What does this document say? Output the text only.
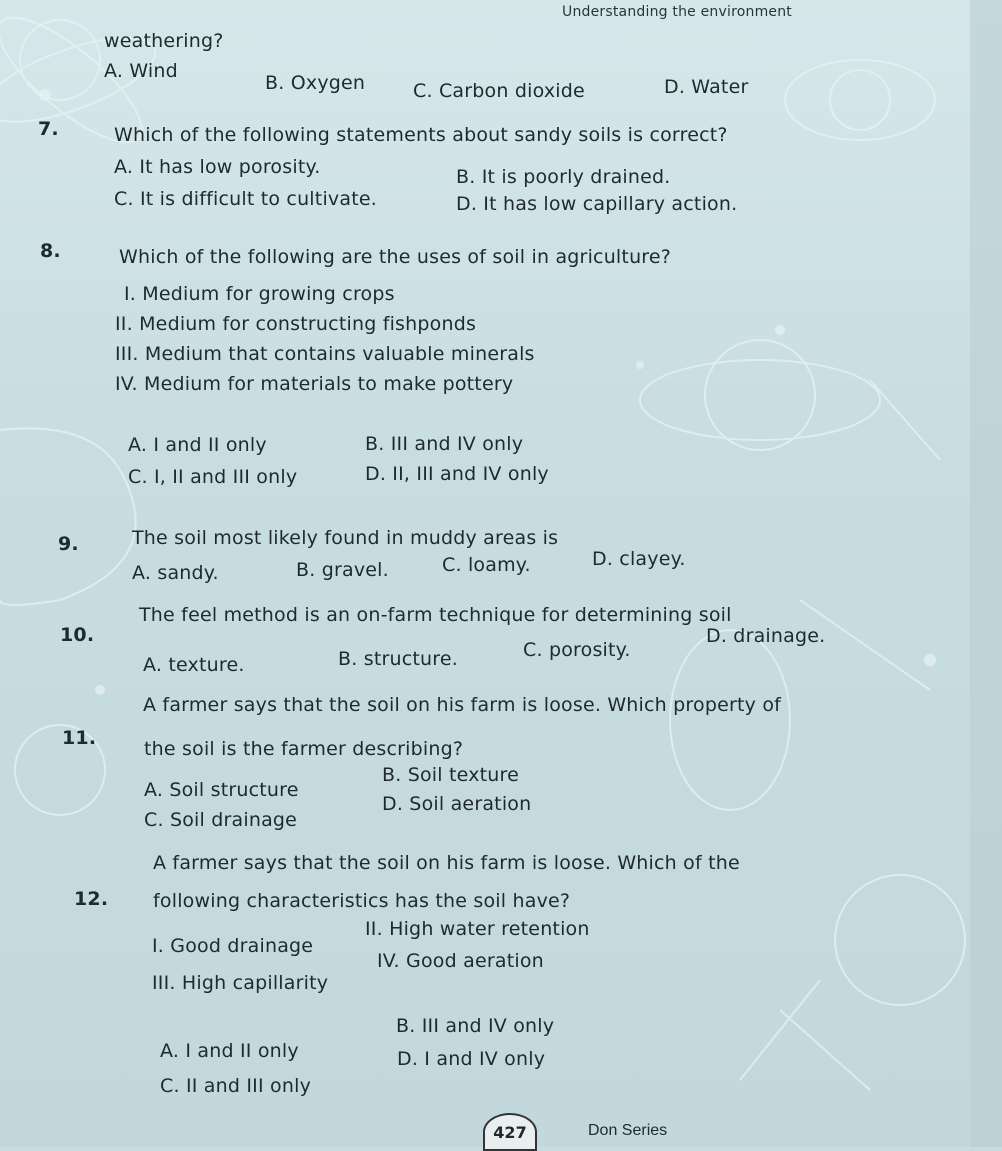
Understanding the environment
weathering?
A. Wind
B. Oxygen	C. Carbon dioxide	D. Water
7.	Which of the following statements about sandy soils is correct?
A. It has low porosity.	B. It is poorly drained.
C. It is difficult to cultivate.	D. It has low capillary action.
8.	Which of the following are the uses of soil in agriculture?
I. Medium for growing crops
II. Medium for constructing fishponds
III. Medium that contains valuable minerals
IV. Medium for materials to make pottery
A. I and II only	B. III and IV only
C. I, II and III only	D. II, III and IV only
9.	The soil most likely found in muddy areas is
A. sandy.	B. gravel.	C. loamy.	D. clayey.
10.
The feel method is an on-farm technique for determining soil
A. texture.	B. structure.	C. porosity.
D. drainage.
11.
A farmer says that the soil on his farm is loose. Which property of
the soil is the farmer describing?
A. Soil structure
B. Soil texture
C. Soil drainage
D. Soil aeration
12.
A farmer says that the soil on his farm is loose. Which of the
following characteristics has the soil have?
I. Good drainage
II. High water retention
III. High capillarity
IV. Good aeration
A. I and II only
B. III and IV only
C. II and III only
D. I and IV only
427	Don Series
